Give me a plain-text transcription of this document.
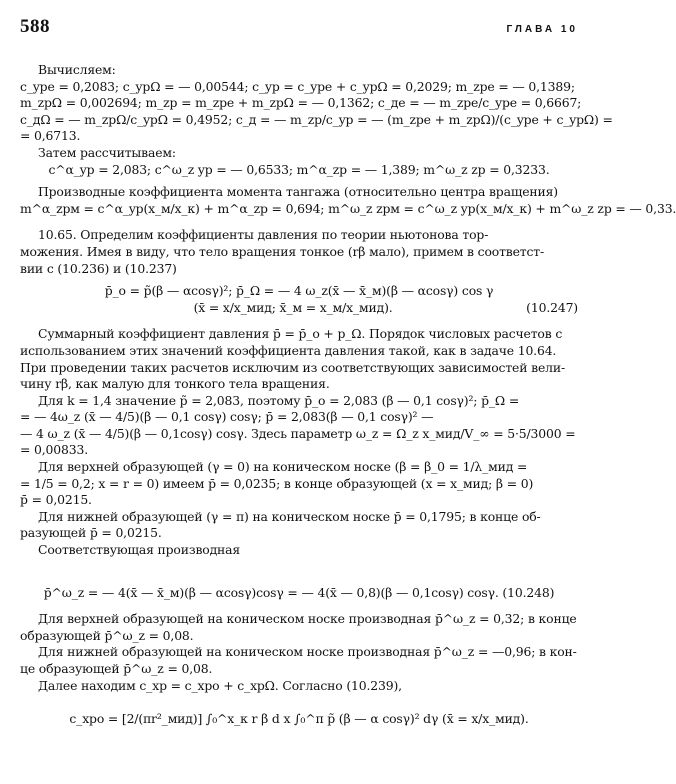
588	ГЛАВА 10
Вычисляем:
c_yрe = 0,2083; c_yрΩ = — 0,00544; c_yр = c_yрe + c_yрΩ = 0,2029; m_zрe = — 0,1389;
m_zрΩ = 0,002694; m_zр = m_zрe + m_zрΩ = — 0,1362; c_дe = — m_zрe/c_yрe = 0,6667;
c_дΩ = — m_zрΩ/c_yрΩ = 0,4952; c_д = — m_zр/c_yр = — (m_zрe + m_zрΩ)/(c_yрe + c_yрΩ) =
= 0,6713.
Затем рассчитываем:
c^α_yр = 2,083; c^ω_z yр = — 0,6533; m^α_zр = — 1,389; m^ω_z zр = 0,3233.
Производные коэффициента момента тангажа (относительно центра вращения)
m^α_zрм = c^α_yр(x_м/x_к) + m^α_zр = 0,694; m^ω_z zрм = c^ω_z yр(x_м/x_к) + m^ω_z zр = — 0,33.
10.65. Определим коэффициенты давления по теории ньютонова тор-
можения. Имея в виду, что тело вращения тонкое (rβ мало), примем в соответст-
вии с (10.236) и (10.237)
p̄_o = p̃(β — αcosγ)²; p̄_Ω = — 4 ω_z(x̄ — x̄_м)(β — αcosγ) cos γ
(x̄ = x/x_мид; x̄_м = x_м/x_мид).	(10.247)
Суммарный коэффициент давления p̄ = p̄_o + p_Ω. Порядок числовых расчетов с
использованием этих значений коэффициента давления такой, как в задаче 10.64.
При проведении таких расчетов исключим из соответствующих зависимостей вели-
чину rβ, как малую для тонкого тела вращения.
Для k = 1,4 значение p̃ = 2,083, поэтому p̄_o = 2,083 (β — 0,1 cosγ)²; p̄_Ω =
= — 4ω_z (x̄ — 4/5)(β — 0,1 cosγ) cosγ; p̄ = 2,083(β — 0,1 cosγ)² —
— 4 ω_z (x̄ — 4/5)(β — 0,1cosγ) cosγ. Здесь параметр ω_z = Ω_z x_мид/V_∞ = 5·5/3000 =
= 0,00833.
Для верхней образующей (γ = 0) на коническом носке (β = β_0 = 1/λ_мид =
= 1/5 = 0,2; x = r = 0) имеем p̄ = 0,0235; в конце образующей (x = x_мид; β = 0)
p̄ = 0,0215.
Для нижней образующей (γ = π) на коническом носке p̄ = 0,1795; в конце об-
разующей p̄ = 0,0215.
Соответствующая производная
p̄^ω_z = — 4(x̄ — x̄_м)(β — αcosγ)cosγ = — 4(x̄ — 0,8)(β — 0,1cosγ) cosγ. (10.248)
Для верхней образующей на коническом носке производная p̄^ω_z = 0,32; в конце
образующей p̄^ω_z = 0,08.
Для нижней образующей на коническом носке производная p̄^ω_z = —0,96; в кон-
це образующей p̄^ω_z = 0,08.
Далее находим c_xр = c_xрo + c_xрΩ. Согласно (10.239),
c_xрo = [2/(πr²_мид)] ∫₀^x_к r β d x ∫₀^π p̃ (β — α cosγ)² dγ (x̄ = x/x_мид).
